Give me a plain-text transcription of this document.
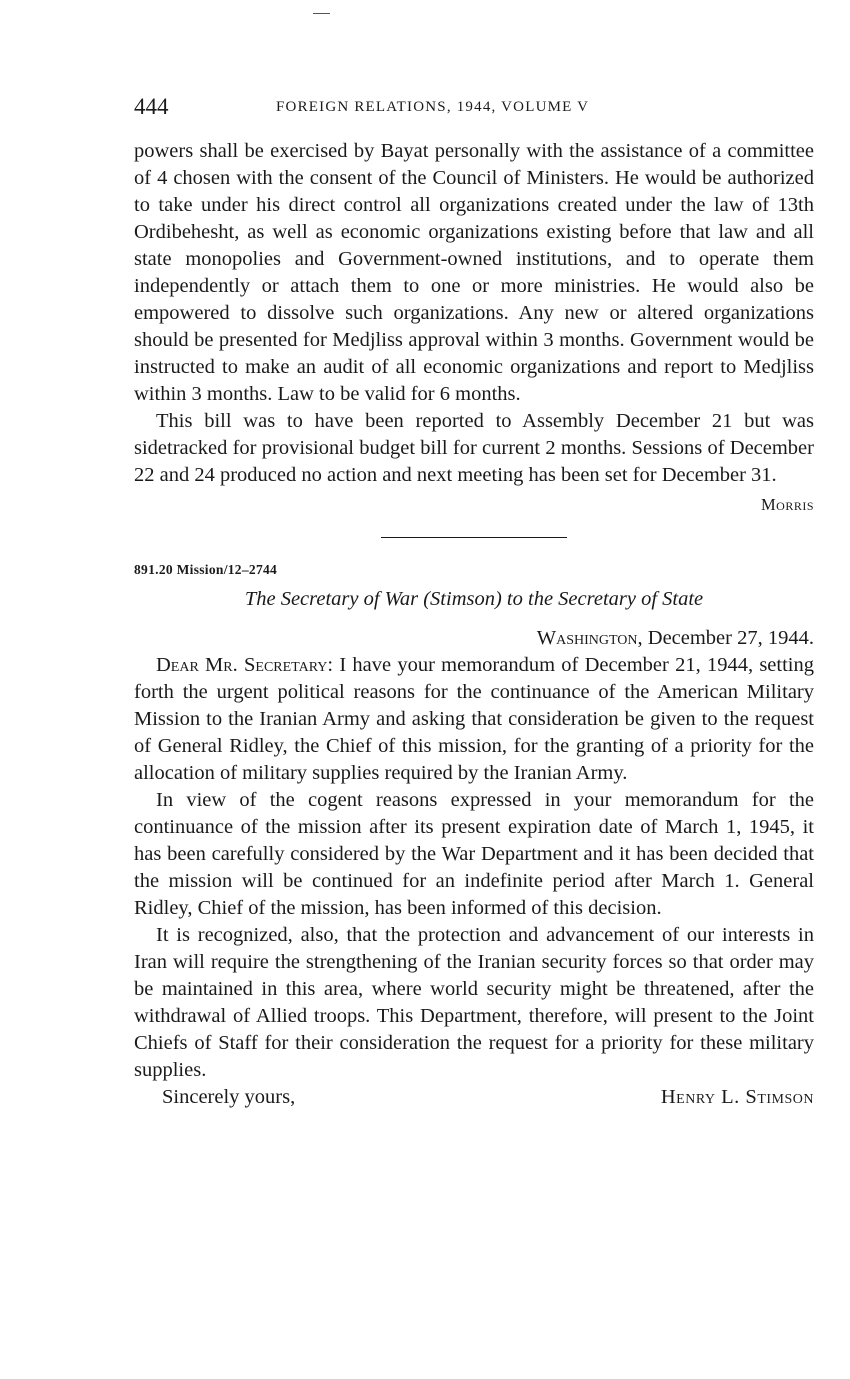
444	FOREIGN RELATIONS, 1944, VOLUME V

powers shall be exercised by Bayat personally with the assistance of a committee of 4 chosen with the consent of the Council of Ministers. He would be authorized to take under his direct control all organizations created under the law of 13th Ordibehesht, as well as economic organizations existing before that law and all state monopolies and Government-owned institutions, and to operate them independently or attach them to one or more ministries. He would also be empowered to dissolve such organizations. Any new or altered organizations should be presented for Medjliss approval within 3 months. Government would be instructed to make an audit of all economic organizations and report to Medjliss within 3 months. Law to be valid for 6 months.

This bill was to have been reported to Assembly December 21 but was sidetracked for provisional budget bill for current 2 months. Sessions of December 22 and 24 produced no action and next meeting has been set for December 31.

Morris
891.20 Mission/12–2744
The Secretary of War (Stimson) to the Secretary of State
Washington, December 27, 1944.

Dear Mr. Secretary: I have your memorandum of December 21, 1944, setting forth the urgent political reasons for the continuance of the American Military Mission to the Iranian Army and asking that consideration be given to the request of General Ridley, the Chief of this mission, for the granting of a priority for the allocation of military supplies required by the Iranian Army.

In view of the cogent reasons expressed in your memorandum for the continuance of the mission after its present expiration date of March 1, 1945, it has been carefully considered by the War Department and it has been decided that the mission will be continued for an indefinite period after March 1. General Ridley, Chief of the mission, has been informed of this decision.

It is recognized, also, that the protection and advancement of our interests in Iran will require the strengthening of the Iranian security forces so that order may be maintained in this area, where world security might be threatened, after the withdrawal of Allied troops. This Department, therefore, will present to the Joint Chiefs of Staff for their consideration the request for a priority for these military supplies.

Sincerely yours,	Henry L. Stimson
